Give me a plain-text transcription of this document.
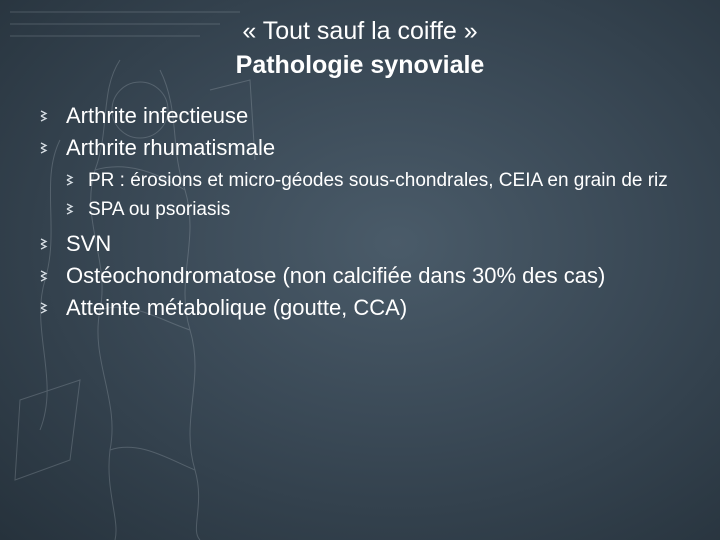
« Tout sauf la coiffe »
Pathologie synoviale
Arthrite infectieuse
Arthrite rhumatismale
PR : érosions et micro-géodes sous-chondrales, CEIA en grain de riz
SPA ou psoriasis
SVN
Ostéochondromatose (non calcifiée dans 30% des cas)
Atteinte métabolique (goutte, CCA)
